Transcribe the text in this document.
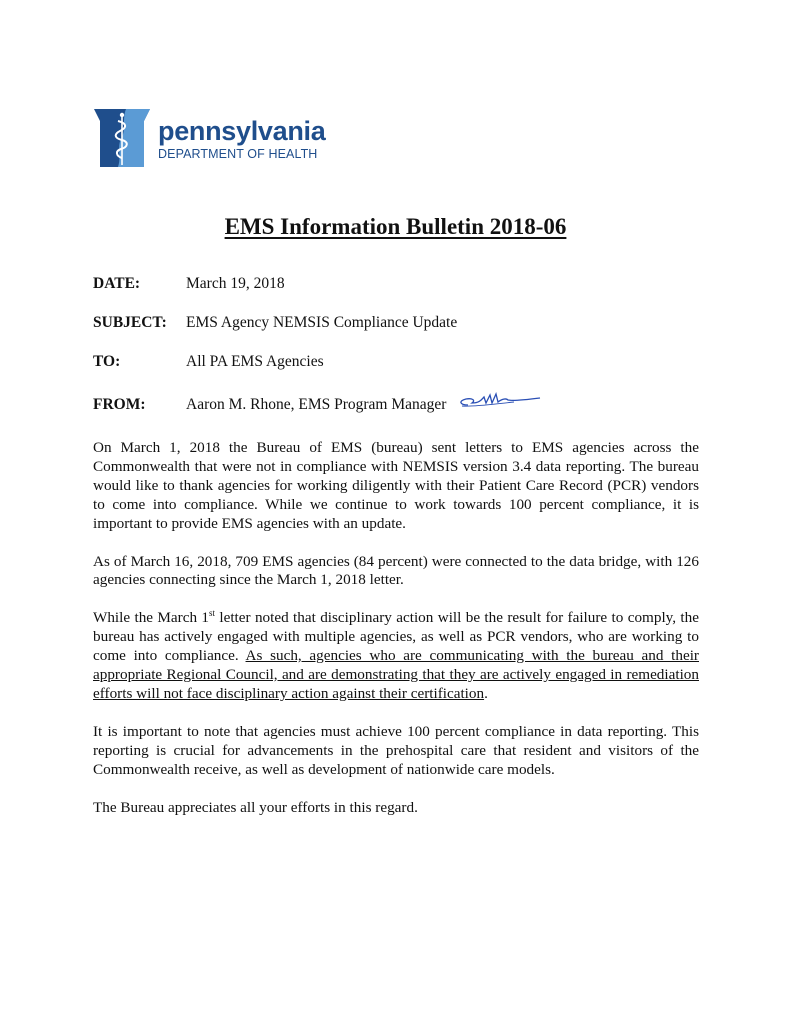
pennsylvania
DEPARTMENT OF HEALTH
EMS Information Bulletin 2018-06
DATE:	March 19, 2018
SUBJECT:	EMS Agency NEMSIS Compliance Update
TO:	All PA EMS Agencies
FROM:	Aaron M. Rhone, EMS Program Manager

On March 1, 2018 the Bureau of EMS (bureau) sent letters to EMS agencies across the Commonwealth that were not in compliance with NEMSIS version 3.4 data reporting. The bureau would like to thank agencies for working diligently with their Patient Care Record (PCR) vendors to come into compliance. While we continue to work towards 100 percent compliance, it is important to provide EMS agencies with an update.

As of March 16, 2018, 709 EMS agencies (84 percent) were connected to the data bridge, with 126 agencies connecting since the March 1, 2018 letter.

While the March 1st letter noted that disciplinary action will be the result for failure to comply, the bureau has actively engaged with multiple agencies, as well as PCR vendors, who are working to come into compliance. As such, agencies who are communicating with the bureau and their appropriate Regional Council, and are demonstrating that they are actively engaged in remediation efforts will not face disciplinary action against their certification.

It is important to note that agencies must achieve 100 percent compliance in data reporting. This reporting is crucial for advancements in the prehospital care that resident and visitors of the Commonwealth receive, as well as development of nationwide care models.

The Bureau appreciates all your efforts in this regard.
